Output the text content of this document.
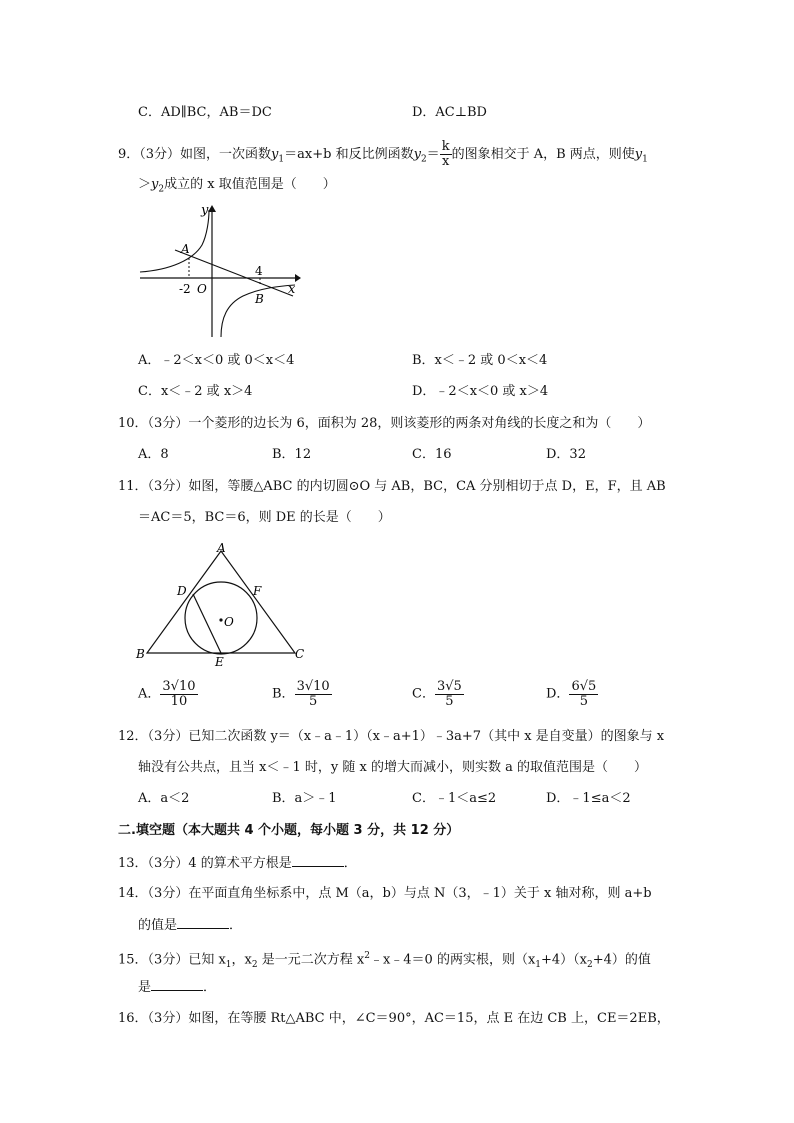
C．AD∥BC，AB＝DC	D．AC⊥BD
9．（3分）如图，一次函数$y_1=ax+b$ 和反比例函数$y_2= \frac{k}{x}$ 的图象相交于 A，B 两点，则使$y_1$
$>y_2$成立的 x 取值范围是（　　）
y
x
A
B
O
-2
4
A．﹣2＜x＜0 或 0＜x＜4	B．x＜﹣2 或 0＜x＜4
C．x＜﹣2 或 x＞4	D．﹣2＜x＜0 或 x＞4
10．（3分）一个菱形的边长为 6，面积为 28，则该菱形的两条对角线的长度之和为（　　）
A．8	B．12	C．16	D．32
11．（3分）如图，等腰△ABC 的内切圆⊙O 与 AB，BC，CA 分别相切于点 D，E，F，且 AB
＝AC＝5，BC＝6，则 DE 的长是（　　）
A
B	C
D
E
F
O
A． $\frac{3√10}{10}$	B． $\frac{3√10}{5}$	C． $\frac{3√5}{5}$	D． $\frac{6√5}{5}$
12．（3分）已知二次函数 y＝（x﹣a﹣1）（x﹣a+1）﹣3a+7（其中 x 是自变量）的图象与 x
轴没有公共点，且当 x＜﹣1 时，y 随 x 的增大而减小，则实数 a 的取值范围是（　　）
A．a＜2	B．a＞﹣1	C．﹣1＜a≤2	D．﹣1≤a＜2
二.填空题（本大题共 4 个小题，每小题 3 分，共 12 分）
13．（3分）4 的算术平方根是	．
14．（3分）在平面直角坐标系中，点 M（a，b）与点 N（3，﹣1）关于 x 轴对称，则 a+b
的值是	．
15．（3分）已知 $x_1$，$x_2$ 是一元二次方程 $x^2﹣x﹣4=0$ 的两实根，则$(x_1+4)(x_2+4)$的值
是	．
16．（3分）如图，在等腰 Rt△ABC 中，∠C＝90°，AC＝15，点 E 在边 CB 上，CE＝2EB，
